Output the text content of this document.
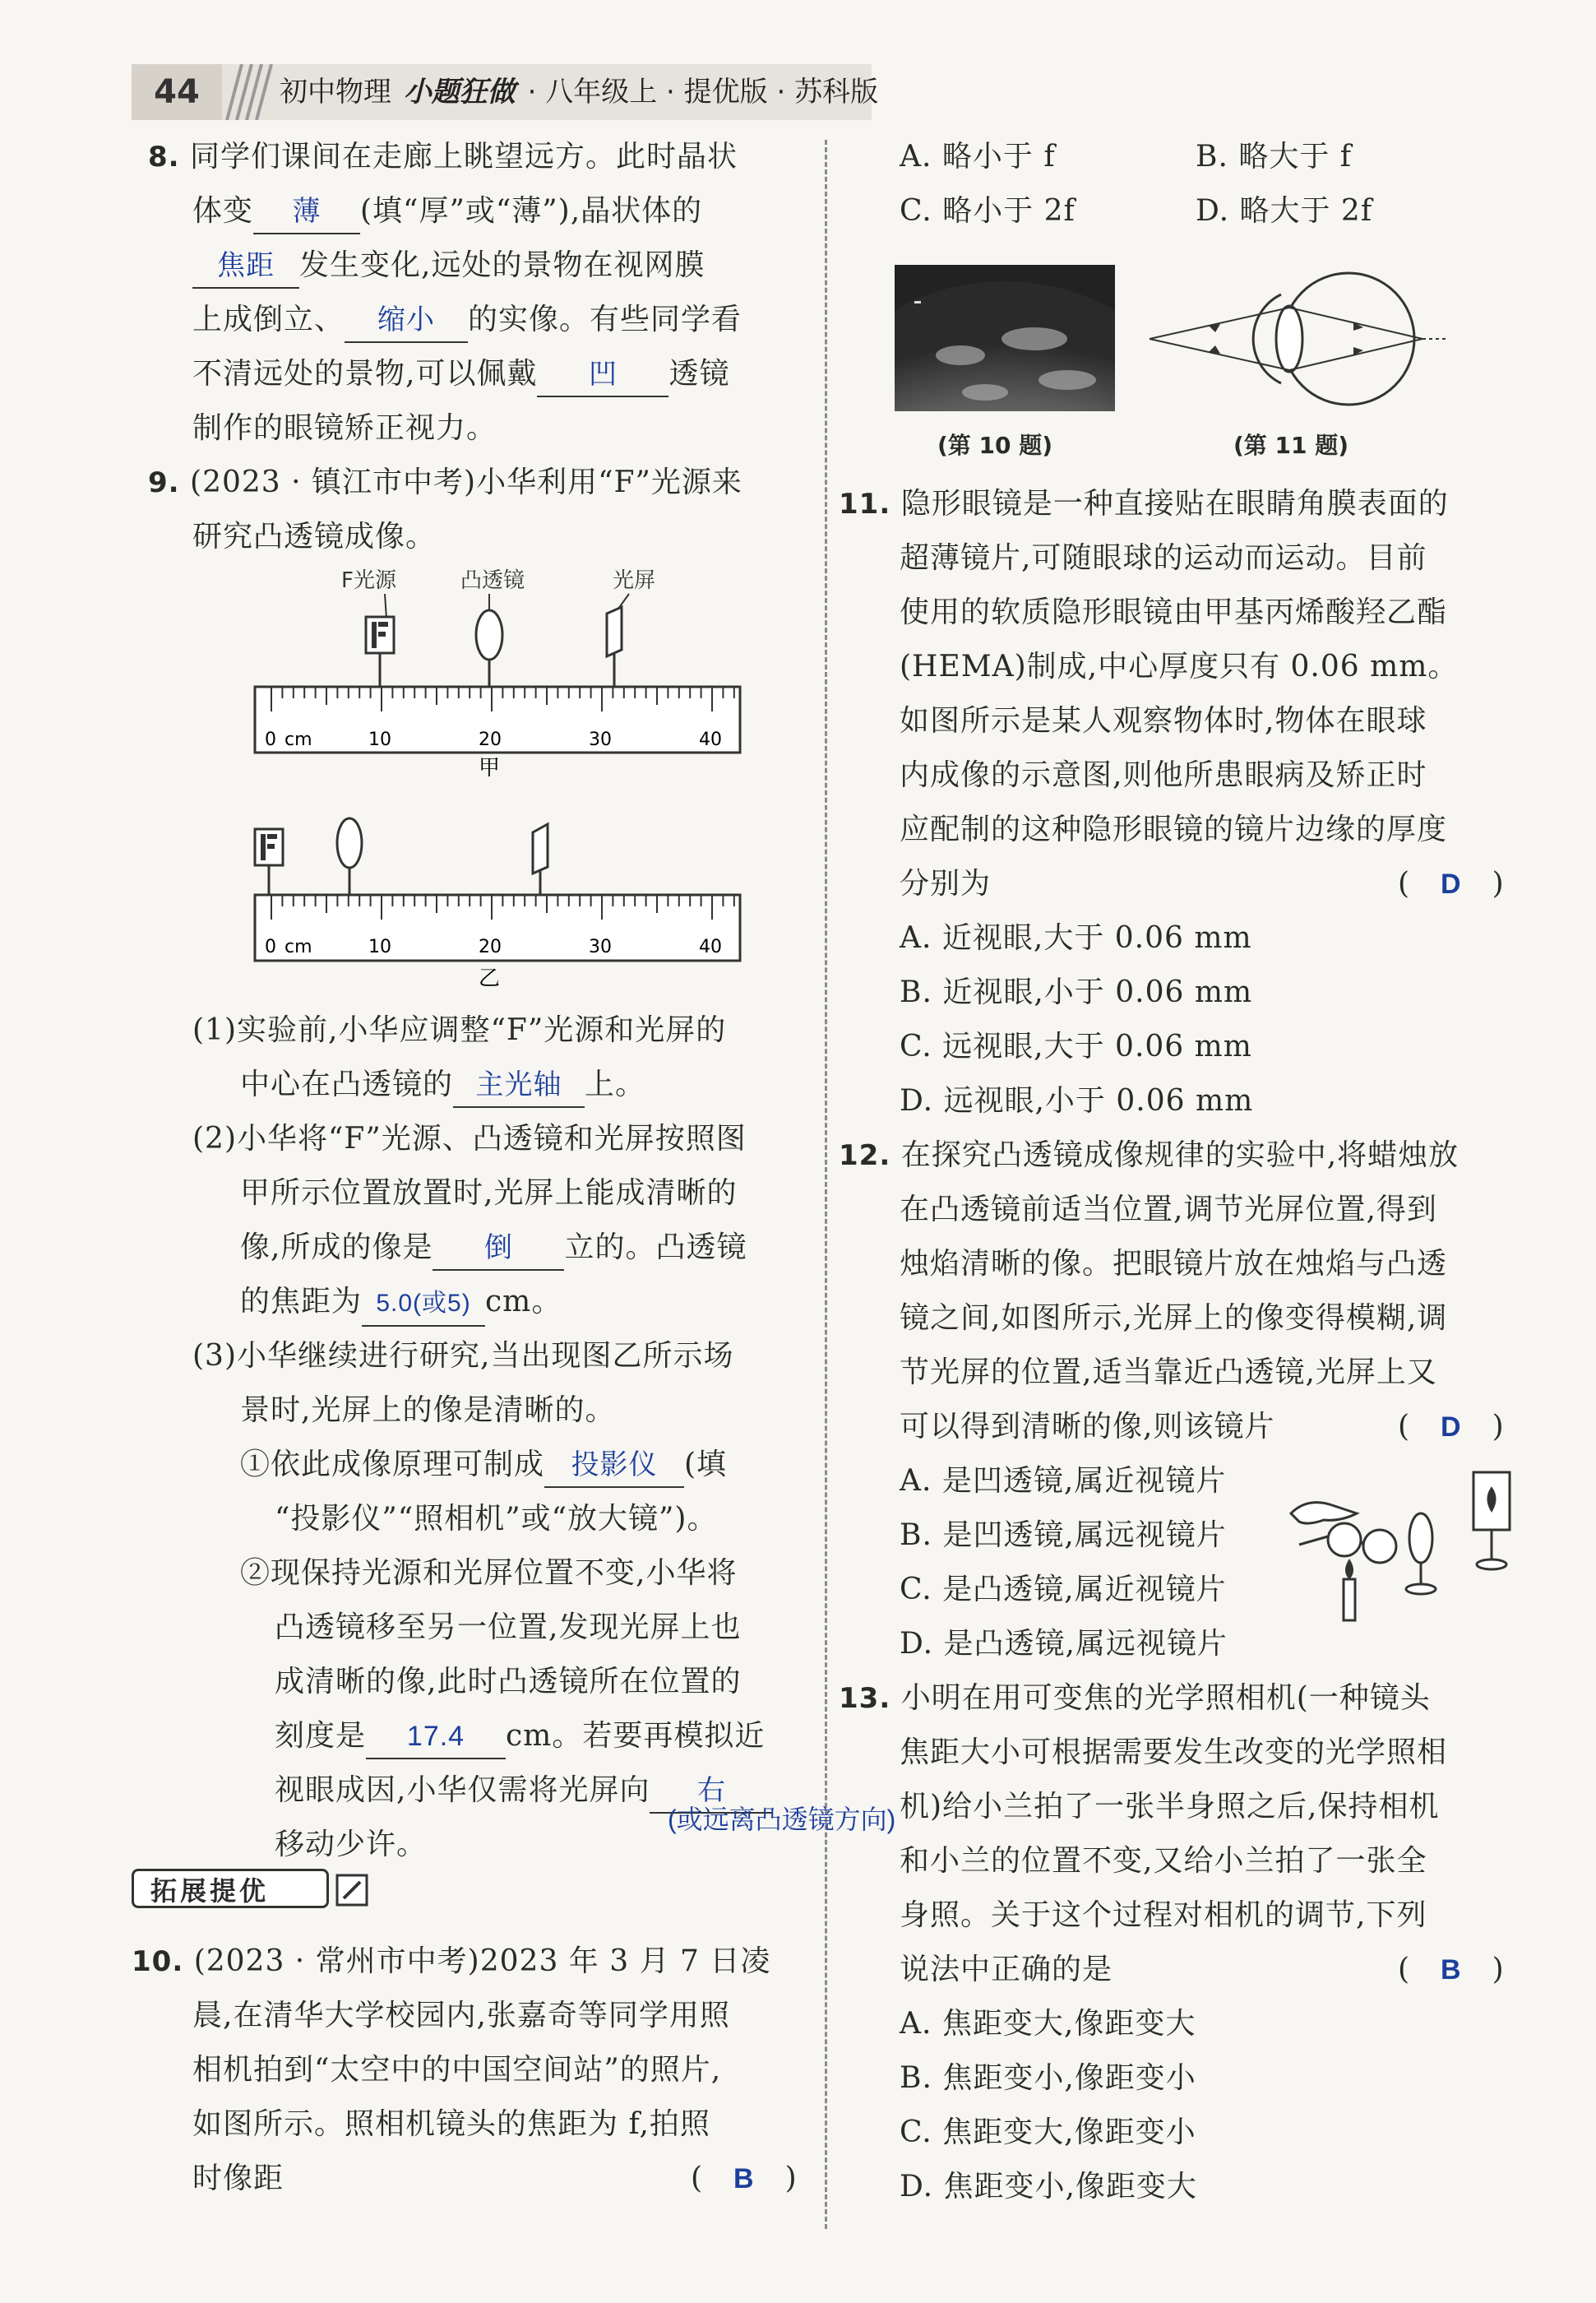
44	初中物理 小题狂做 · 八年级上 · 提优版 · 苏科版
8. 同学们课间在走廊上眺望远方。此时晶状
体变 薄 (填“厚”或“薄”),晶状体的
焦距 发生变化,远处的景物在视网膜
上成倒立、 缩小 的实像。有些同学看
不清远处的景物,可以佩戴 凹 透镜
制作的眼镜矫正视力。
9. (2023 · 镇江市中考)小华利用“F”光源来
研究凸透镜成像。
F光源	凸透镜	光屏
0 cm	10	20	30	40
甲
0 cm	10	20	30	40
乙
(1)实验前,小华应调整“F”光源和光屏的
中心在凸透镜的 主光轴 上。
(2)小华将“F”光源、凸透镜和光屏按照图
甲所示位置放置时,光屏上能成清晰的
像,所成的像是 倒 立的。凸透镜
的焦距为 5.0(或5) cm。
(3)小华继续进行研究,当出现图乙所示场
景时,光屏上的像是清晰的。
①依此成像原理可制成 投影仪 (填
“投影仪”“照相机”或“放大镜”)。
②现保持光源和光屏位置不变,小华将
凸透镜移至另一位置,发现光屏上也
成清晰的像,此时凸透镜所在位置的
刻度是 17.4 cm。若要再模拟近
视眼成因,小华仅需将光屏向 右
(或远离凸透镜方向)
移动少许。
拓展提优
10. (2023 · 常州市中考)2023 年 3 月 7 日凌
晨,在清华大学校园内,张嘉奇等同学用照
相机拍到“太空中的中国空间站”的照片,
如图所示。照相机镜头的焦距为 f,拍照
时像距	(　B　)
A. 略小于 f	B. 略大于 f
C. 略小于 2f	D. 略大于 2f
(第 10 题)	(第 11 题)
11. 隐形眼镜是一种直接贴在眼睛角膜表面的
超薄镜片,可随眼球的运动而运动。目前
使用的软质隐形眼镜由甲基丙烯酸羟乙酯
(HEMA)制成,中心厚度只有 0.06 mm。
如图所示是某人观察物体时,物体在眼球
内成像的示意图,则他所患眼病及矫正时
应配制的这种隐形眼镜的镜片边缘的厚度
分别为	(　D　)
A. 近视眼,大于 0.06 mm
B. 近视眼,小于 0.06 mm
C. 远视眼,大于 0.06 mm
D. 远视眼,小于 0.06 mm
12. 在探究凸透镜成像规律的实验中,将蜡烛放
在凸透镜前适当位置,调节光屏位置,得到
烛焰清晰的像。把眼镜片放在烛焰与凸透
镜之间,如图所示,光屏上的像变得模糊,调
节光屏的位置,适当靠近凸透镜,光屏上又
可以得到清晰的像,则该镜片	(　D　)
A. 是凹透镜,属近视镜片
B. 是凹透镜,属远视镜片
C. 是凸透镜,属近视镜片
D. 是凸透镜,属远视镜片
13. 小明在用可变焦的光学照相机(一种镜头
焦距大小可根据需要发生改变的光学照相
机)给小兰拍了一张半身照之后,保持相机
和小兰的位置不变,又给小兰拍了一张全
身照。关于这个过程对相机的调节,下列
说法中正确的是	(　B　)
A. 焦距变大,像距变大
B. 焦距变小,像距变小
C. 焦距变大,像距变小
D. 焦距变小,像距变大
